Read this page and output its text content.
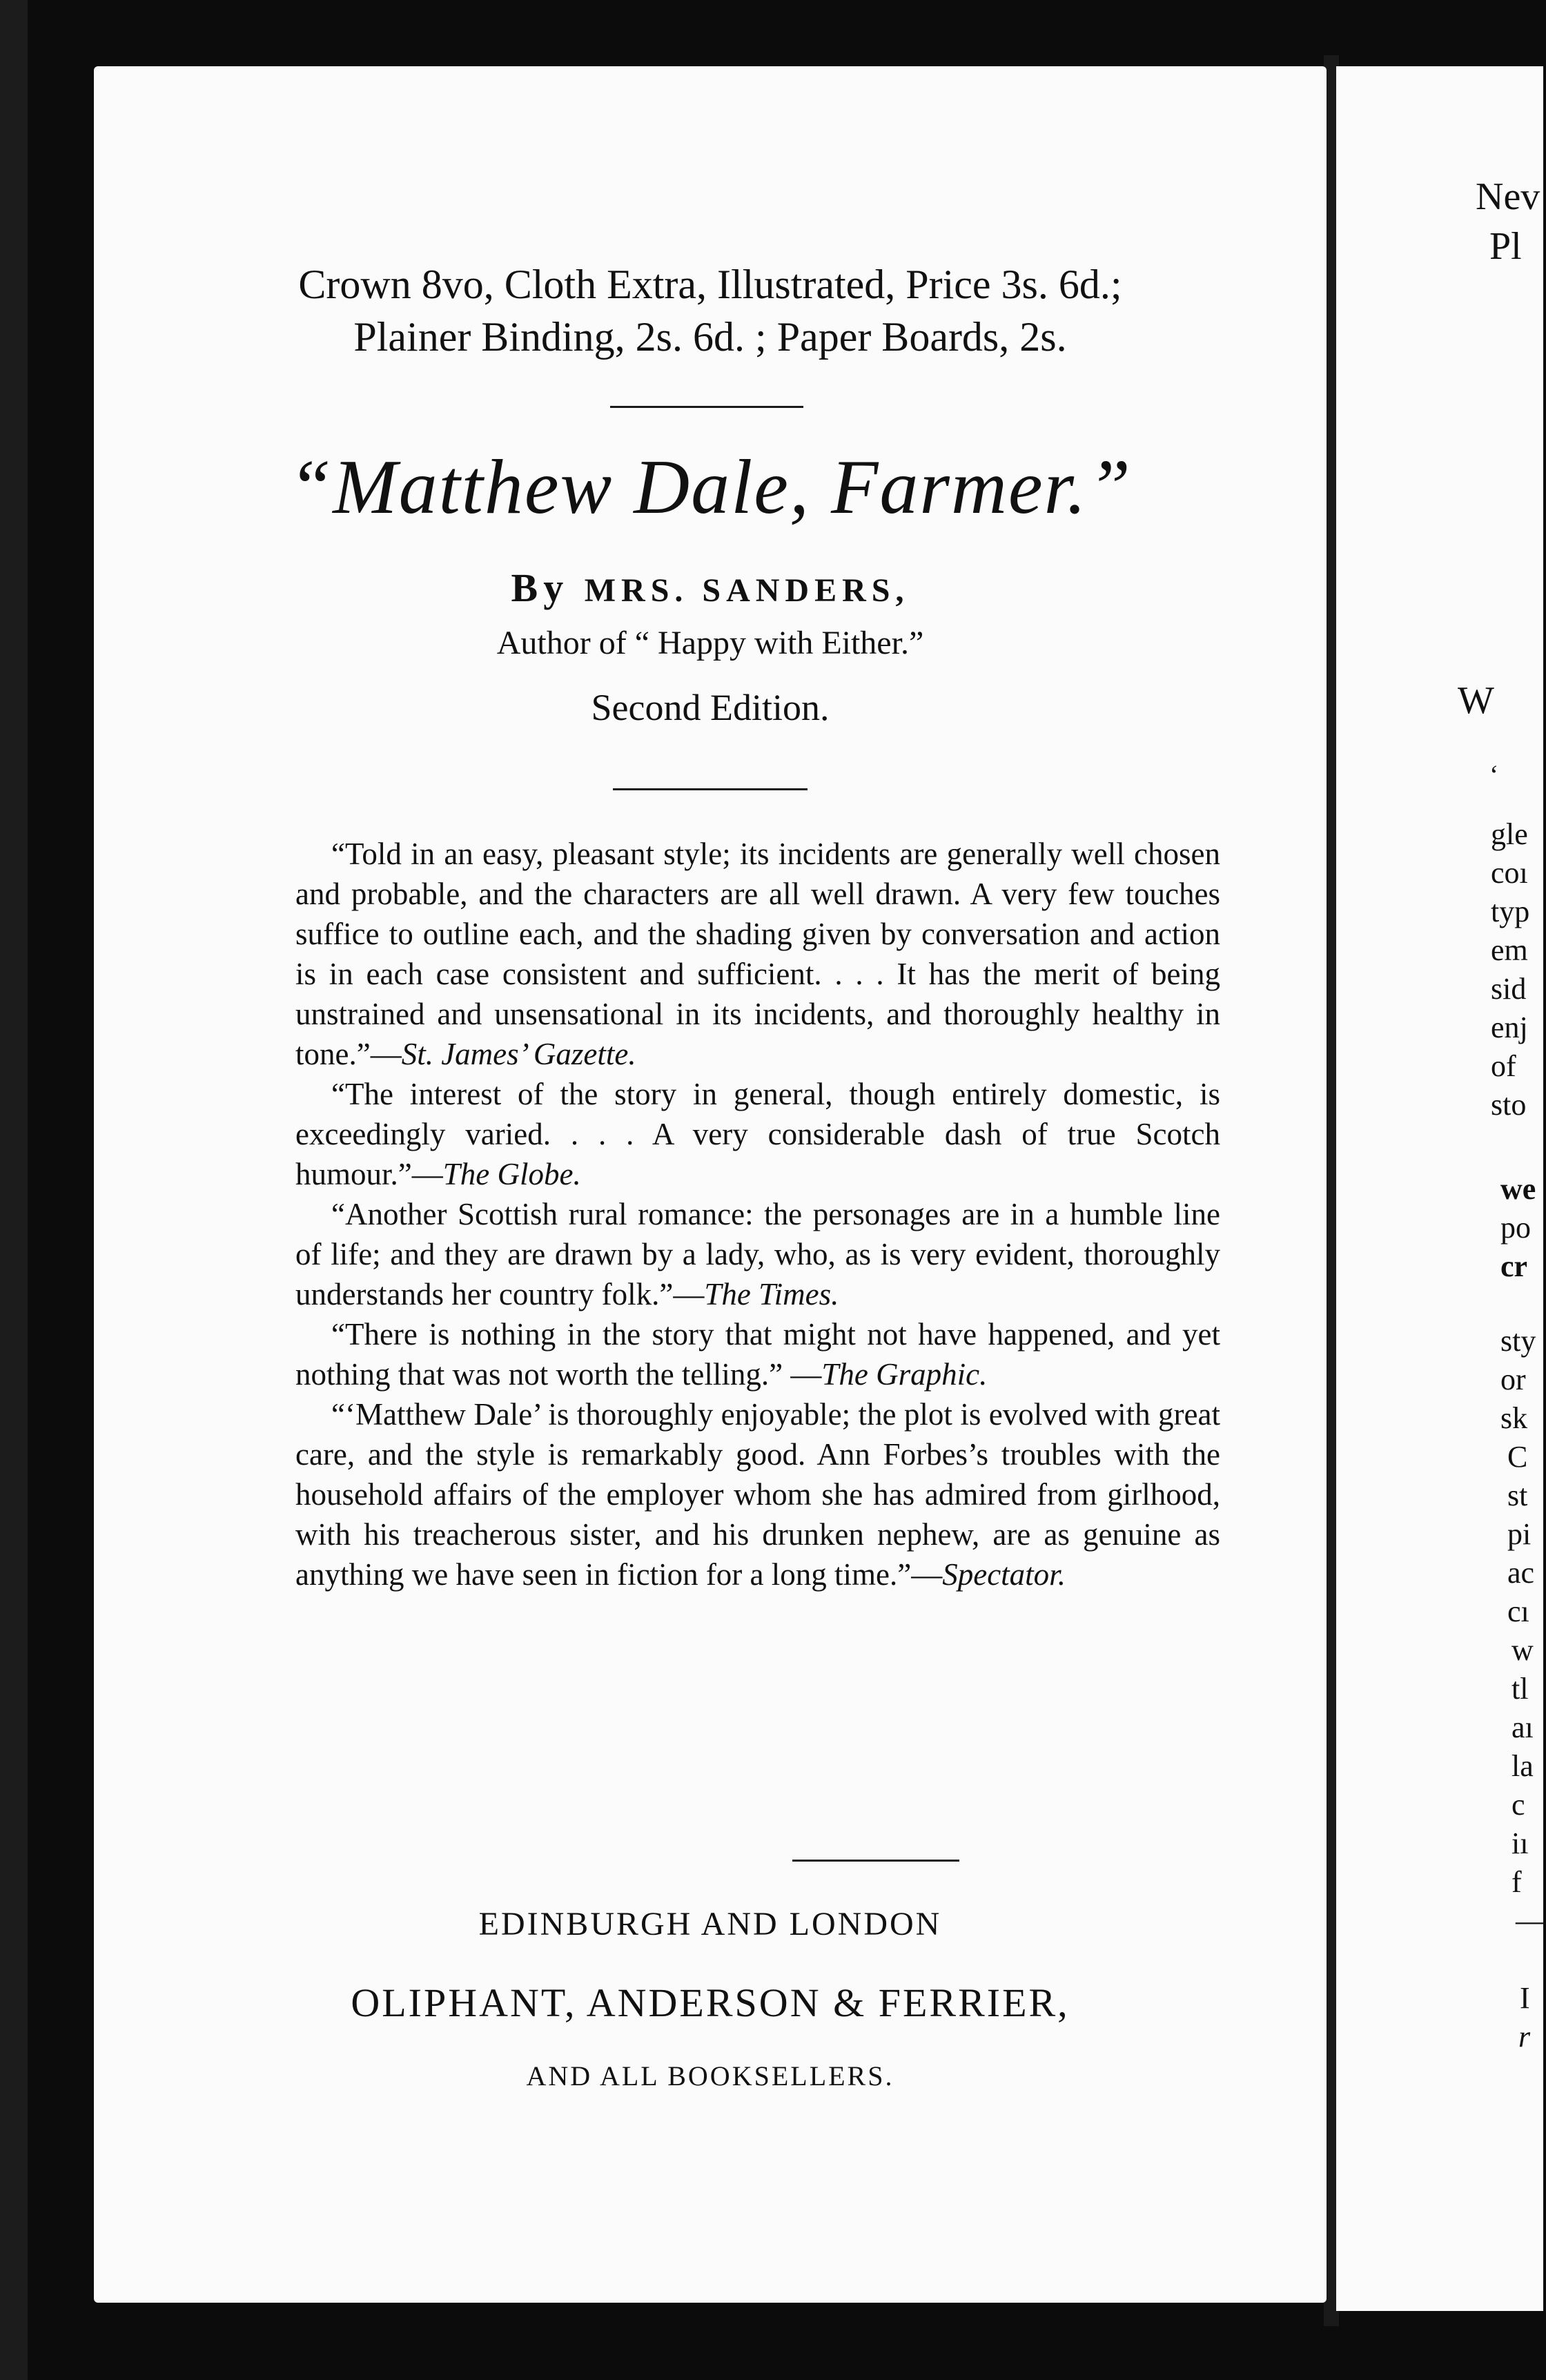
Crown 8vo, Cloth Extra, Illustrated, Price 3s. 6d.;

Plainer Binding, 2s. 6d. ; Paper Boards, 2s.

“Matthew Dale, Farmer.”

By MRS. SANDERS,

Author of “ Happy with Either.”

Second Edition.

“Told in an easy, pleasant style; its incidents are generally well chosen and probable, and the characters are all well drawn. A very few touches suffice to outline each, and the shading given by conversation and action is in each case consistent and sufficient. . . . It has the merit of being unstrained and unsensational in its incidents, and thoroughly healthy in tone.”—St. James’ Gazette.

“The interest of the story in general, though entirely domestic, is exceedingly varied. . . . A very considerable dash of true Scotch humour.”—The Globe.

“Another Scottish rural romance: the personages are in a humble line of life; and they are drawn by a lady, who, as is very evident, thoroughly understands her country folk.”—The Times.

“There is nothing in the story that might not have happened, and yet nothing that was not worth the telling.” —The Graphic.

“‘Matthew Dale’ is thoroughly enjoyable; the plot is evolved with great care, and the style is remarkably good. Ann Forbes’s troubles with the household affairs of the employer whom she has admired from girlhood, with his treacherous sister, and his drunken nephew, are as genuine as anything we have seen in fiction for a long time.”—Spectator.

EDINBURGH AND LONDON

OLIPHANT, ANDERSON & FERRIER,

AND ALL BOOKSELLERS.

Nev

Pl

W

‘

gle

coı

typ

em

sid

enj

of

sto

we

po

cr

sty

or

sk

C

st

pi

ac

cı

w

tl

aı

la

c

iı

f

—

I

r
